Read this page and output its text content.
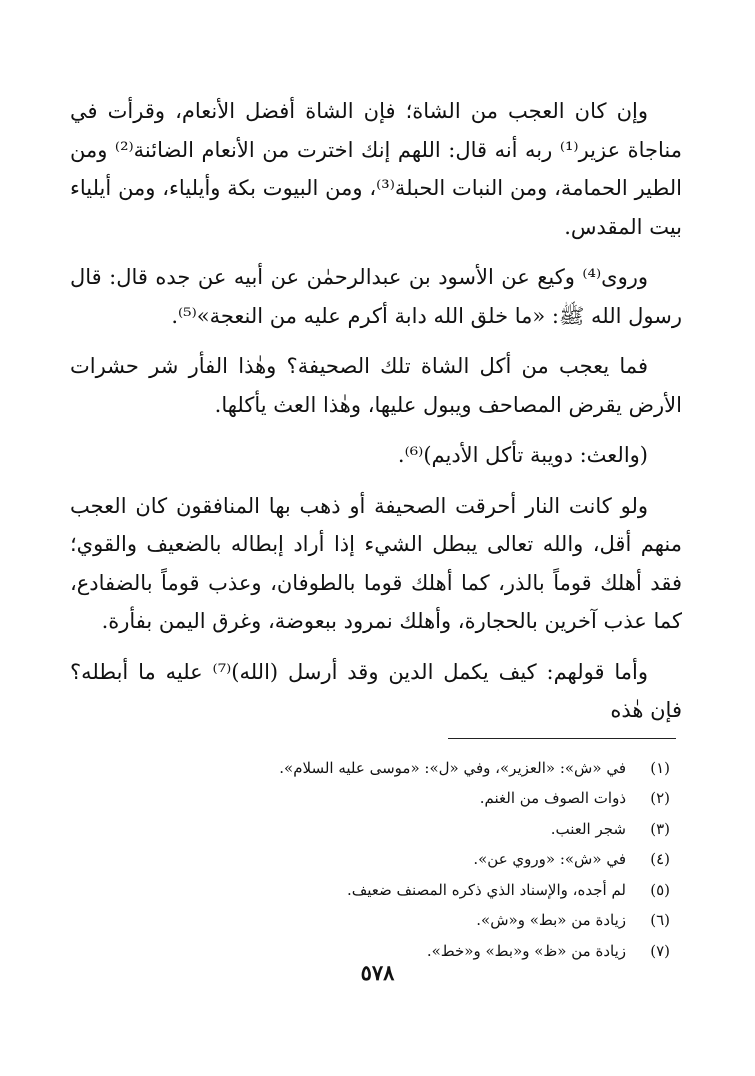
وإن كان العجب من الشاة؛ فإن الشاة أفضل الأنعام، وقرأت في مناجاة عزير⁽¹⁾ ربه أنه قال: اللهم إنك اخترت من الأنعام الضائنة⁽²⁾ ومن الطير الحمامة، ومن النبات الحبلة⁽³⁾، ومن البيوت بكة وأيلياء، ومن أيلياء بيت المقدس.

وروى⁽⁴⁾ وكيع عن الأسود بن عبدالرحمٰن عن أبيه عن جده قال: قال رسول الله ﷺ: «ما خلق الله دابة أكرم عليه من النعجة»⁽⁵⁾.

فما يعجب من أكل الشاة تلك الصحيفة؟ وهٰذا الفأر شر حشرات الأرض يقرض المصاحف ويبول عليها، وهٰذا العث يأكلها.

(والعث: دويبة تأكل الأديم)⁽⁶⁾.

ولو كانت النار أحرقت الصحيفة أو ذهب بها المنافقون كان العجب منهم أقل، والله تعالى يبطل الشيء إذا أراد إبطاله بالضعيف والقوي؛ فقد أهلك قوماً بالذر، كما أهلك قوما بالطوفان، وعذب قوماً بالضفادع، كما عذب آخرين بالحجارة، وأهلك نمرود ببعوضة، وغرق اليمن بفأرة.

وأما قولهم: كيف يكمل الدين وقد أرسل (الله)⁽⁷⁾ عليه ما أبطله؟ فإن هٰذه

(١)
في «ش»: «العزير»، وفي «ل»: «موسى عليه السلام».
(٢)
ذوات الصوف من الغنم.
(٣)
شجر العنب.
(٤)
في «ش»: «وروي عن».
(٥)
لم أجده، والإسناد الذي ذكره المصنف ضعيف.
(٦)
زيادة من «بط» و«ش».
(٧)
زيادة من «ظ» و«بط» و«خط».
٥٧٨
